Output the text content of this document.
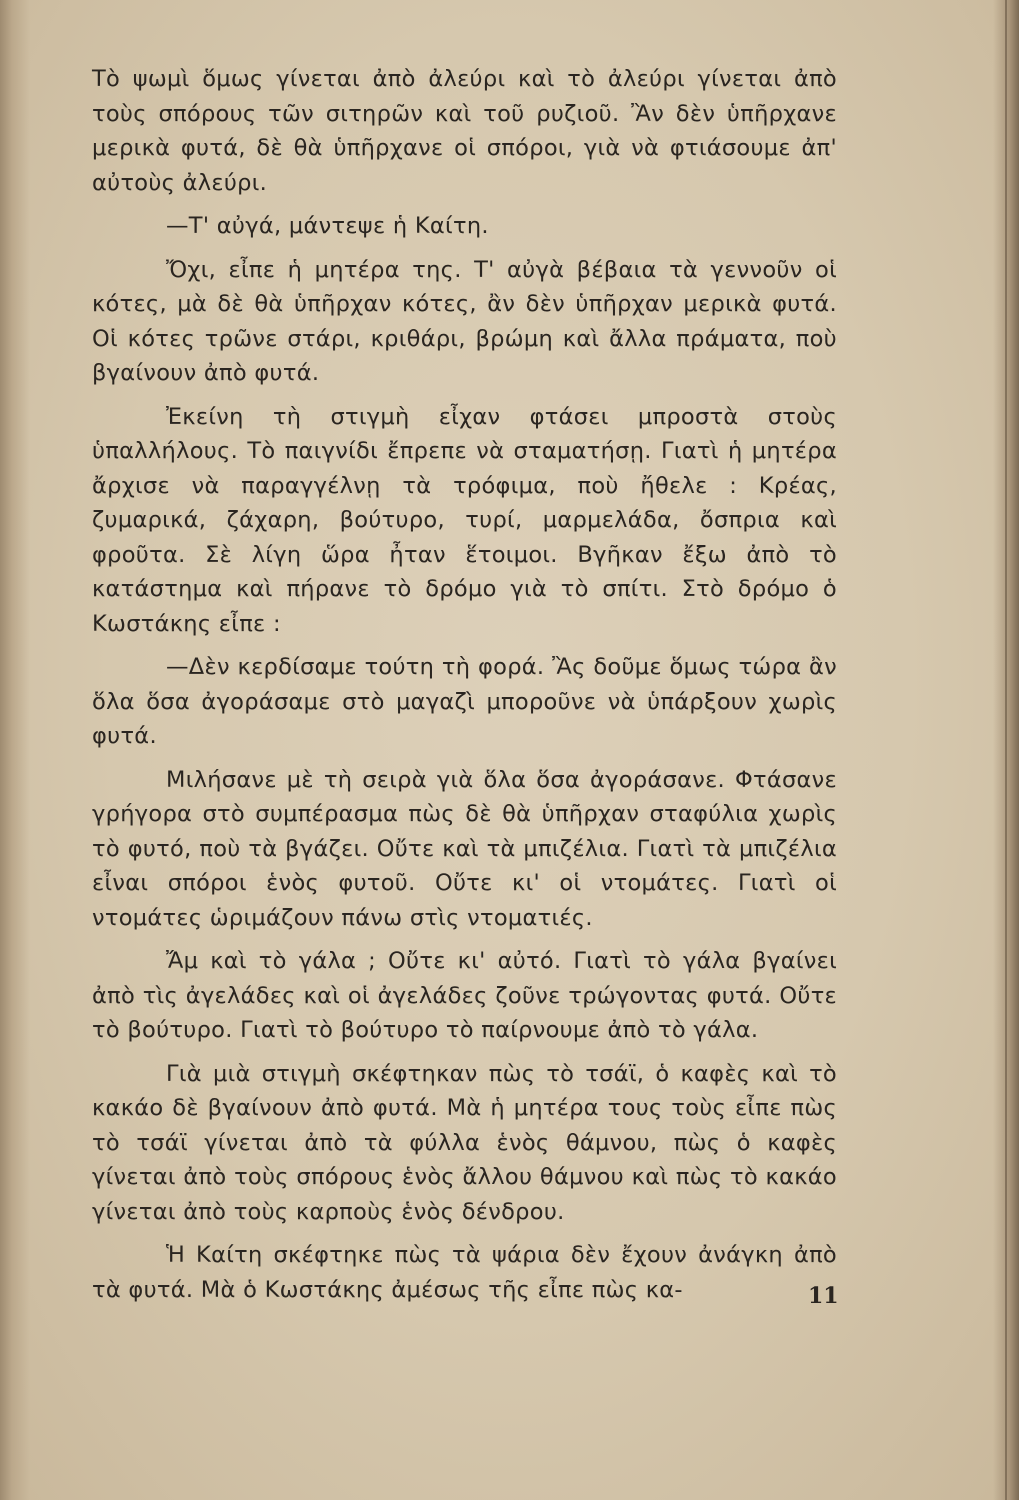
Τὸ ψωμὶ ὅμως γίνεται ἀπὸ ἀλεύρι καὶ τὸ ἀλεύρι γίνεται ἀπὸ τοὺς σπόρους τῶν σιτηρῶν καὶ τοῦ ρυζιοῦ. Ἂν δὲν ὑπῆρχανε μερικὰ φυτά, δὲ θὰ ὑπῆρχανε οἱ σπόροι, γιὰ νὰ φτιάσουμε ἀπ' αὐτοὺς ἀλεύρι.

—Τ' αὐγά, μάντεψε ἡ Καίτη.

Ὄχι, εἶπε ἡ μητέρα της. Τ' αὐγὰ βέβαια τὰ γεννοῦν οἱ κότες, μὰ δὲ θὰ ὑπῆρχαν κότες, ἂν δὲν ὑπῆρχαν μερικὰ φυτά. Οἱ κότες τρῶνε στάρι, κριθάρι, βρώμη καὶ ἄλλα πράματα, ποὺ βγαίνουν ἀπὸ φυτά.

Ἐκείνη τὴ στιγμὴ εἶχαν φτάσει μπροστὰ στοὺς ὑπαλλήλους. Τὸ παιγνίδι ἔπρεπε νὰ σταματήσῃ. Γιατὶ ἡ μητέρα ἄρχισε νὰ παραγγέλνῃ τὰ τρόφιμα, ποὺ ἤθελε : Κρέας, ζυμαρικά, ζάχαρη, βούτυρο, τυρί, μαρμελάδα, ὄσπρια καὶ φροῦτα. Σὲ λίγη ὥρα ἦταν ἕτοιμοι. Βγῆκαν ἔξω ἀπὸ τὸ κατάστημα καὶ πήρανε τὸ δρόμο γιὰ τὸ σπίτι. Στὸ δρόμο ὁ Κωστάκης εἶπε :

—Δὲν κερδίσαμε τούτη τὴ φορά. Ἂς δοῦμε ὅμως τώρα ἂν ὅλα ὅσα ἀγοράσαμε στὸ μαγαζὶ μποροῦνε νὰ ὑπάρξουν χωρὶς φυτά.

Μιλήσανε μὲ τὴ σειρὰ γιὰ ὅλα ὅσα ἀγοράσανε. Φτάσανε γρήγορα στὸ συμπέρασμα πὼς δὲ θὰ ὑπῆρχαν σταφύλια χωρὶς τὸ φυτό, ποὺ τὰ βγάζει. Οὔτε καὶ τὰ μπιζέλια. Γιατὶ τὰ μπιζέλια εἶναι σπόροι ἑνὸς φυτοῦ. Οὔτε κι' οἱ ντομάτες. Γιατὶ οἱ ντομάτες ὡριμάζουν πάνω στὶς ντοματιές.

Ἄμ καὶ τὸ γάλα ; Οὔτε κι' αὐτό. Γιατὶ τὸ γάλα βγαίνει ἀπὸ τὶς ἀγελάδες καὶ οἱ ἀγελάδες ζοῦνε τρώγοντας φυτά. Οὔτε τὸ βούτυρο. Γιατὶ τὸ βούτυρο τὸ παίρνουμε ἀπὸ τὸ γάλα.

Γιὰ μιὰ στιγμὴ σκέφτηκαν πὼς τὸ τσάϊ, ὁ καφὲς καὶ τὸ κακάο δὲ βγαίνουν ἀπὸ φυτά. Μὰ ἡ μητέρα τους τοὺς εἶπε πὼς τὸ τσάϊ γίνεται ἀπὸ τὰ φύλλα ἑνὸς θάμνου, πὼς ὁ καφὲς γίνεται ἀπὸ τοὺς σπόρους ἑνὸς ἄλλου θάμνου καὶ πὼς τὸ κακάο γίνεται ἀπὸ τοὺς καρποὺς ἑνὸς δένδρου.

Ἡ Καίτη σκέφτηκε πὼς τὰ ψάρια δὲν ἔχουν ἀνάγκη ἀπὸ τὰ φυτά. Μὰ ὁ Κωστάκης ἀμέσως τῆς εἶπε πὼς κα-	11
